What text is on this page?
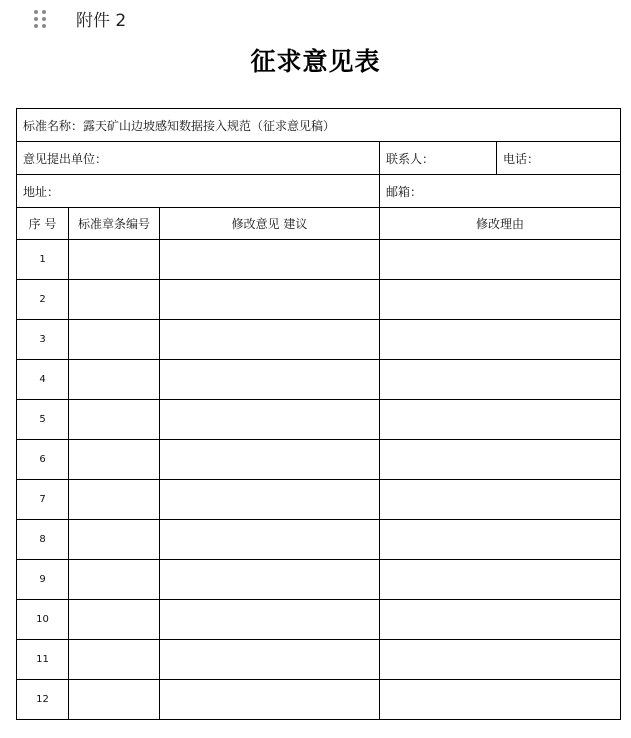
附件 2
征求意见表
标准名称：露天矿山边坡感知数据接入规范（征求意见稿）				
意见提出单位：			联系人：	电话：
地址：			邮箱：	
序 号	标准章条编号	修改意见 建议	修改理由	
1				
2				
3				
4				
5				
6				
7				
8				
9				
10				
11				
12				
